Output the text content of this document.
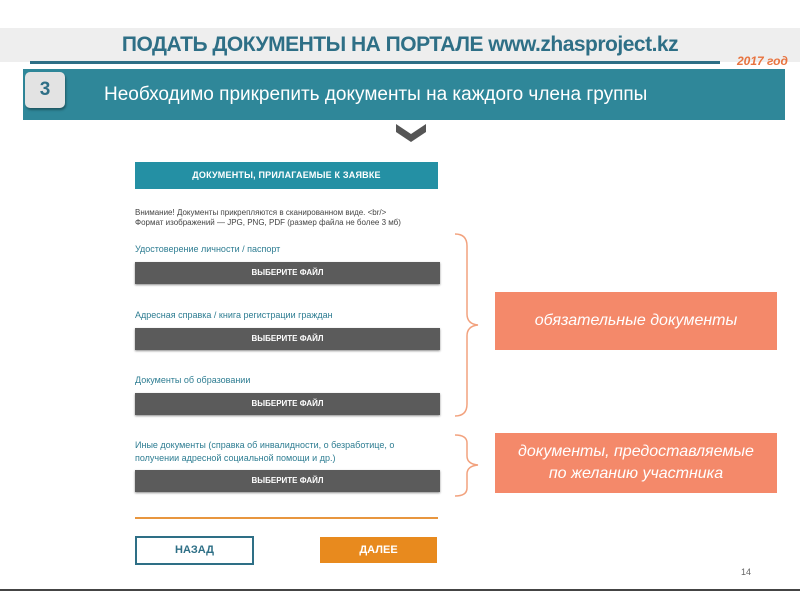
ПОДАТЬ ДОКУМЕНТЫ НА ПОРТАЛЕ www.zhasproject.kz
2017 год
3	Необходимо прикрепить документы на каждого члена группы
ДОКУМЕНТЫ, ПРИЛАГАЕМЫЕ К ЗАЯВКЕ
Внимание! Документы прикрепляются в сканированном виде. <br/>
Формат изображений — JPG, PNG, PDF (размер файла не более 3 мб)
Удостоверение личности / паспорт
ВЫБЕРИТЕ ФАЙЛ
Адресная справка / книга регистрации граждан
ВЫБЕРИТЕ ФАЙЛ
Документы об образовании
ВЫБЕРИТЕ ФАЙЛ
Иные документы (справка об инвалидности, о безработице, о получении адресной социальной помощи и др.)
ВЫБЕРИТЕ ФАЙЛ
НАЗАД	ДАЛЕЕ
обязательные документы
документы, предоставляемые
по желанию участника
14
